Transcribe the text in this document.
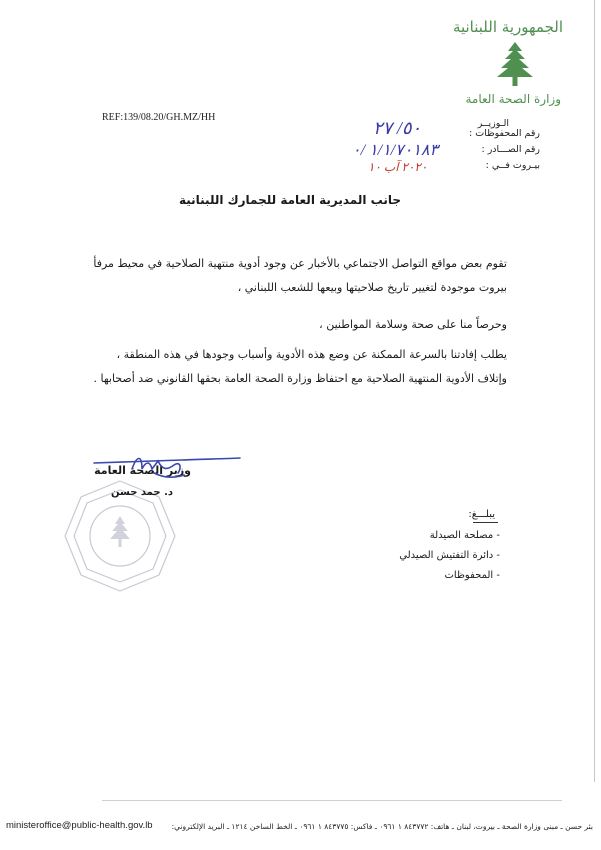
الجمهورية اللبنانية
وزارة الصحة العامة
REF:139/08.20/GH.MZ/HH
الـوزيــر
رقم المحفوظات :
٥٠/ ٢٧
رقم الصـــادر :
١/١/٧٠١٨٣ /٠
بيـروت فــي :
٢٠٢٠ آب ١٠
جانب المديرية العامة للجمارك اللبنانية
تقوم بعض مواقع التواصل الاجتماعي بالأخبار عن وجود أدوية منتهية الصلاحية في محيط مرفأ بيروت موجودة لتغيير تاريخ صلاحيتها وبيعها للشعب اللبناني ،
وحرصاً منا على صحة وسلامة المواطنين ،
يطلب إفادتنا بالسرعة الممكنة عن وضع هذه الأدوية وأسباب وجودها في هذه المنطقة ، وإتلاف الأدوية المنتهية الصلاحية مع احتفاظ وزارة الصحة العامة بحقها القانوني ضد أصحابها .
وزير الصحة العامة
د. حمد حسن
يبلـــغ:
- مصلحة الصيدلة
- دائرة التفتيش الصيدلي
- المحفوظات
ministeroffice@public-health.gov.lb	بئر حسن ـ مبنى وزارة الصحة ـ بيروت، لبنان ـ هاتف: ٨٤٣٧٧٢ ١ ٠٩٦١ ـ فاكس: ٨٤٣٧٧٥ ١ ٠٩٦١ ـ الخط الساخن ١٢١٤ ـ البريد الإلكتروني:
